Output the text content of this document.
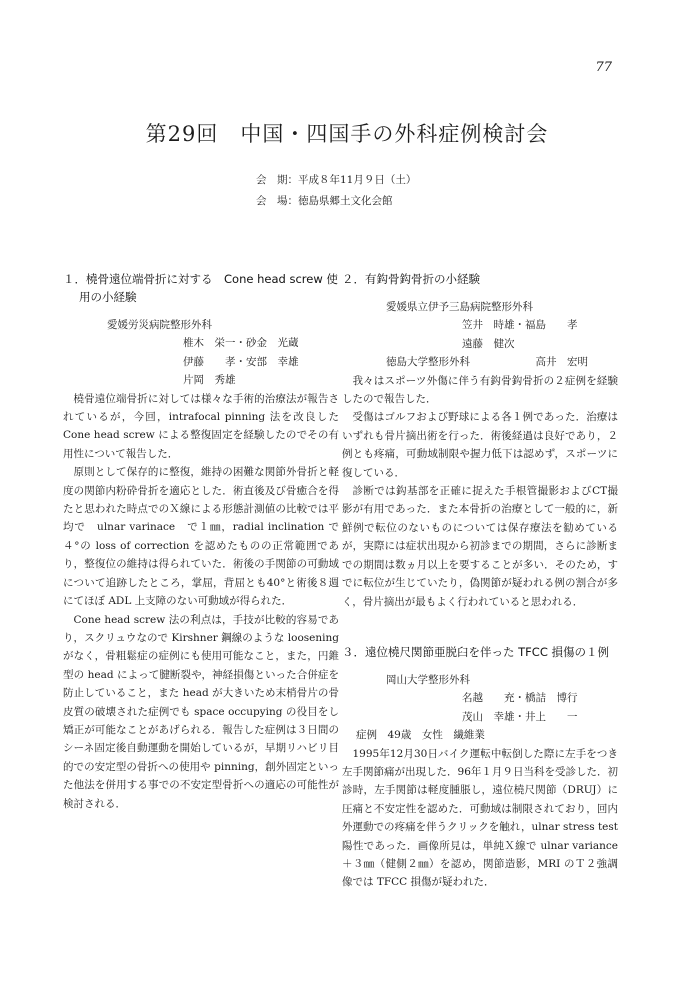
77
第29回　中国・四国手の外科症例検討会
会　期：平成８年11月９日（土）
会　場：徳島県郷土文化会館
１．橈骨遠位端骨折に対する　Cone head screw 使用の小経験
愛媛労災病院整形外科
椎木　栄一・砂金　光蔵
伊藤　　孝・安部　幸雄
片岡　秀雄

橈骨遠位端骨折に対しては様々な手術的治療法が報告されているが，今回，intrafocal pinning 法を改良した Cone head screw による整復固定を経験したのでその有用性について報告した．

原則として保存的に整復，維持の困難な関節外骨折と軽度の関節内粉砕骨折を適応とした．術直後及び骨癒合を得たと思われた時点でのＸ線による形態計測値の比較では平均で　ulnar varinace　で１㎜，radial inclination で４°の loss of correction を認めたものの正常範囲であり，整復位の維持は得られていた．術後の手関節の可動域について追跡したところ，掌屈，背屈とも40°と術後８週にてほぼ ADL 上支障のない可動域が得られた．

Cone head screw 法の利点は，手技が比較的容易であり，スクリュウなので Kirshner 鋼線のような loosening がなく，骨粗鬆症の症例にも使用可能なこと，また，円錐型の head によって腱断裂や，神経損傷といった合併症を防止していること，また head が大きいため末梢骨片の骨皮質の破壊された症例でも space occupying の役目をし矯正が可能なことがあげられる．報告した症例は３日間のシーネ固定後自動運動を開始しているが，早期リハビリ目的での安定型の骨折への使用や pinning，創外固定といった他法を併用する事での不安定型骨折への適応の可能性が検討される．

２．有鈎骨鈎骨折の小経験
愛媛県立伊予三島病院整形外科
笠井　時雄・福島　　孝
遠藤　健次
徳島大学整形外科	高井　宏明

我々はスポーツ外傷に伴う有鈎骨鈎骨折の２症例を経験したので報告した．

受傷はゴルフおよび野球による各１例であった．治療はいずれも骨片摘出術を行った．術後経過は良好であり，２例とも疼痛，可動域制限や握力低下は認めず，スポーツに復している．

診断では鈎基部を正確に捉えた手根管撮影およびCT撮影が有用であった．また本骨折の治療として一般的に，新鮮例で転位のないものについては保存療法を勧めているが，実際には症状出現から初診までの期間，さらに診断までの期間は数ヵ月以上を要することが多い．そのため，すでに転位が生じていたり，偽関節が疑われる例の割合が多く，骨片摘出が最もよく行われていると思われる．

３．遠位橈尺関節亜脱臼を伴った TFCC 損傷の１例
岡山大学整形外科
名越　　充・橋詰　博行
茂山　幸雄・井上　　一
症例　49歳　女性　繊維業

1995年12月30日バイク運転中転倒した際に左手をつき左手関節痛が出現した．96年１月９日当科を受診した．初診時，左手関節は軽度腫脹し，遠位橈尺関節（DRUJ）に圧痛と不安定性を認めた．可動域は制限されており，回内外運動での疼痛を伴うクリックを触れ，ulnar stress test 陽性であった．画像所見は，単純Ｘ線で ulnar variance＋３㎜（健側２㎜）を認め，関節造影，MRI のＴ２強調像では TFCC 損傷が疑われた．
